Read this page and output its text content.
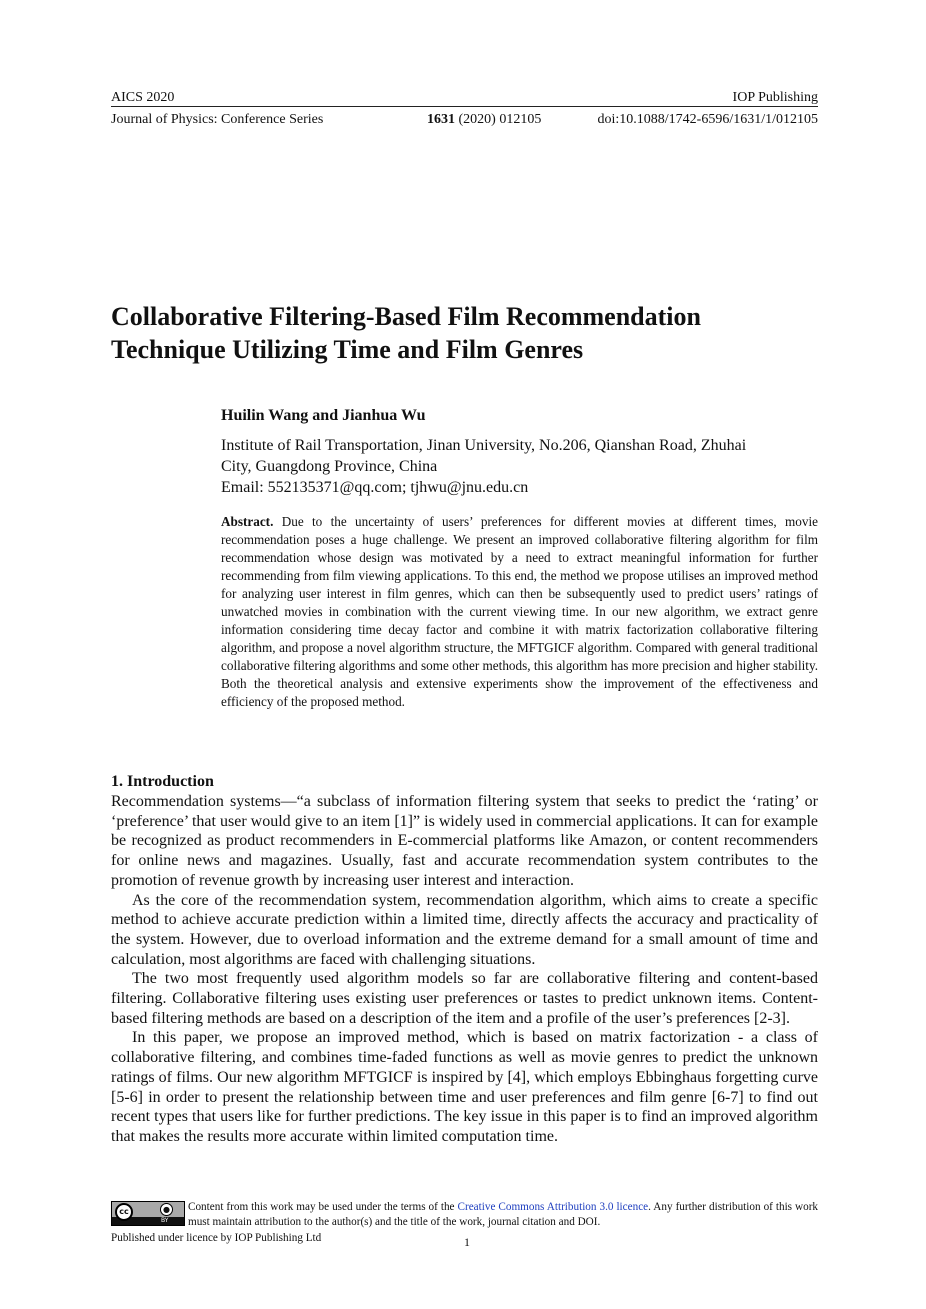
AICS 2020	IOP Publishing
Journal of Physics: Conference Series	1631 (2020) 012105	doi:10.1088/1742-6596/1631/1/012105
Collaborative Filtering-Based Film Recommendation
Technique Utilizing Time and Film Genres
Huilin Wang and Jianhua Wu
Institute of Rail Transportation, Jinan University, No.206, Qianshan Road, Zhuhai
City, Guangdong Province, China
Email: 552135371@qq.com; tjhwu@jnu.edu.cn
Abstract. Due to the uncertainty of users’ preferences for different movies at different times, movie recommendation poses a huge challenge. We present an improved collaborative filtering algorithm for film recommendation whose design was motivated by a need to extract meaningful information for further recommending from film viewing applications. To this end, the method we propose utilises an improved method for analyzing user interest in film genres, which can then be subsequently used to predict users’ ratings of unwatched movies in combination with the current viewing time. In our new algorithm, we extract genre information considering time decay factor and combine it with matrix factorization collaborative filtering algorithm, and propose a novel algorithm structure, the MFTGICF algorithm. Compared with general traditional collaborative filtering algorithms and some other methods, this algorithm has more precision and higher stability. Both the theoretical analysis and extensive experiments show the improvement of the effectiveness and efficiency of the proposed method.
1. Introduction

Recommendation systems—“a subclass of information filtering system that seeks to predict the ‘rating’ or ‘preference’ that user would give to an item [1]” is widely used in commercial applications. It can for example be recognized as product recommenders in E-commercial platforms like Amazon, or content recommenders for online news and magazines. Usually, fast and accurate recommendation system contributes to the promotion of revenue growth by increasing user interest and interaction.

As the core of the recommendation system, recommendation algorithm, which aims to create a specific method to achieve accurate prediction within a limited time, directly affects the accuracy and practicality of the system. However, due to overload information and the extreme demand for a small amount of time and calculation, most algorithms are faced with challenging situations.

The two most frequently used algorithm models so far are collaborative filtering and content-based filtering. Collaborative filtering uses existing user preferences or tastes to predict unknown items. Content-based filtering methods are based on a description of the item and a profile of the user’s preferences [2-3].

In this paper, we propose an improved method, which is based on matrix factorization - a class of collaborative filtering, and combines time-faded functions as well as movie genres to predict the unknown ratings of films. Our new algorithm MFTGICF is inspired by [4], which employs Ebbinghaus forgetting curve [5-6] in order to present the relationship between time and user preferences and film genre [6-7] to find out recent types that users like for further predictions. The key issue in this paper is to find an improved algorithm that makes the results more accurate within limited computation time.

cc	●
BY
Content from this work may be used under the terms of the Creative Commons Attribution 3.0 licence. Any further distribution of this work must maintain attribution to the author(s) and the title of the work, journal citation and DOI.
Published under licence by IOP Publishing Ltd	1
